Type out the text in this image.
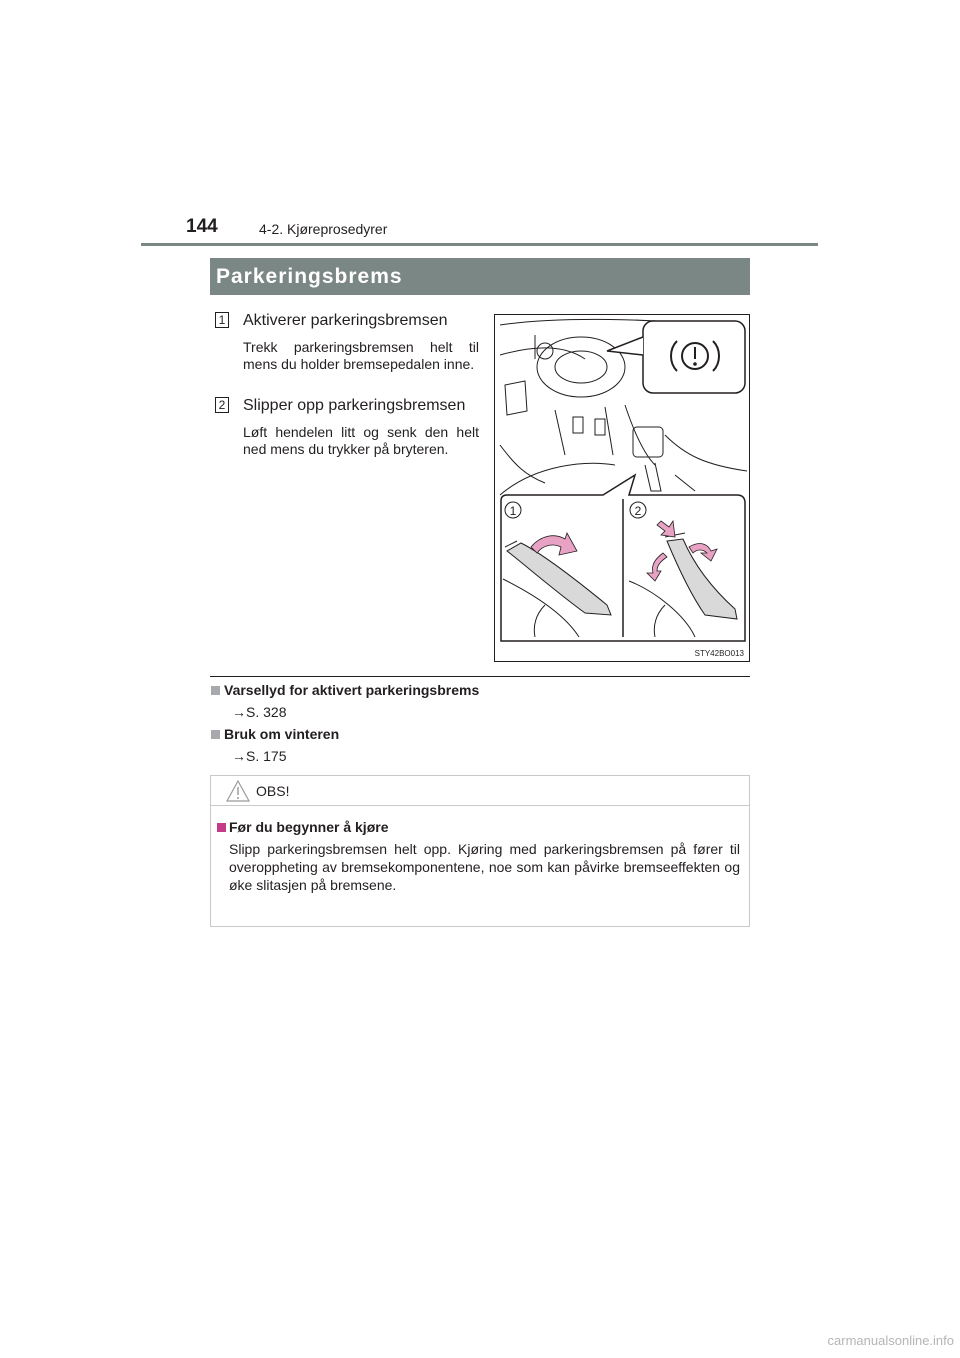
144	4-2. Kjøreprosedyrer
Parkeringsbrems
1 Aktiverer parkeringsbremsen
Trekk parkeringsbremsen helt til mens du holder bremsepedalen inne.
2 Slipper opp parkeringsbremsen
Løft hendelen litt og senk den helt ned mens du trykker på bryteren.
1	2
STY42BO013
Varsellyd for aktivert parkeringsbrems
→S. 328
Bruk om vinteren
→S. 175
OBS!
Før du begynner å kjøre
Slipp parkeringsbremsen helt opp. Kjøring med parkeringsbremsen på fører til overoppheting av bremsekomponentene, noe som kan påvirke bremseeffekten og øke slitasjen på bremsene.
carmanualsonline.info
